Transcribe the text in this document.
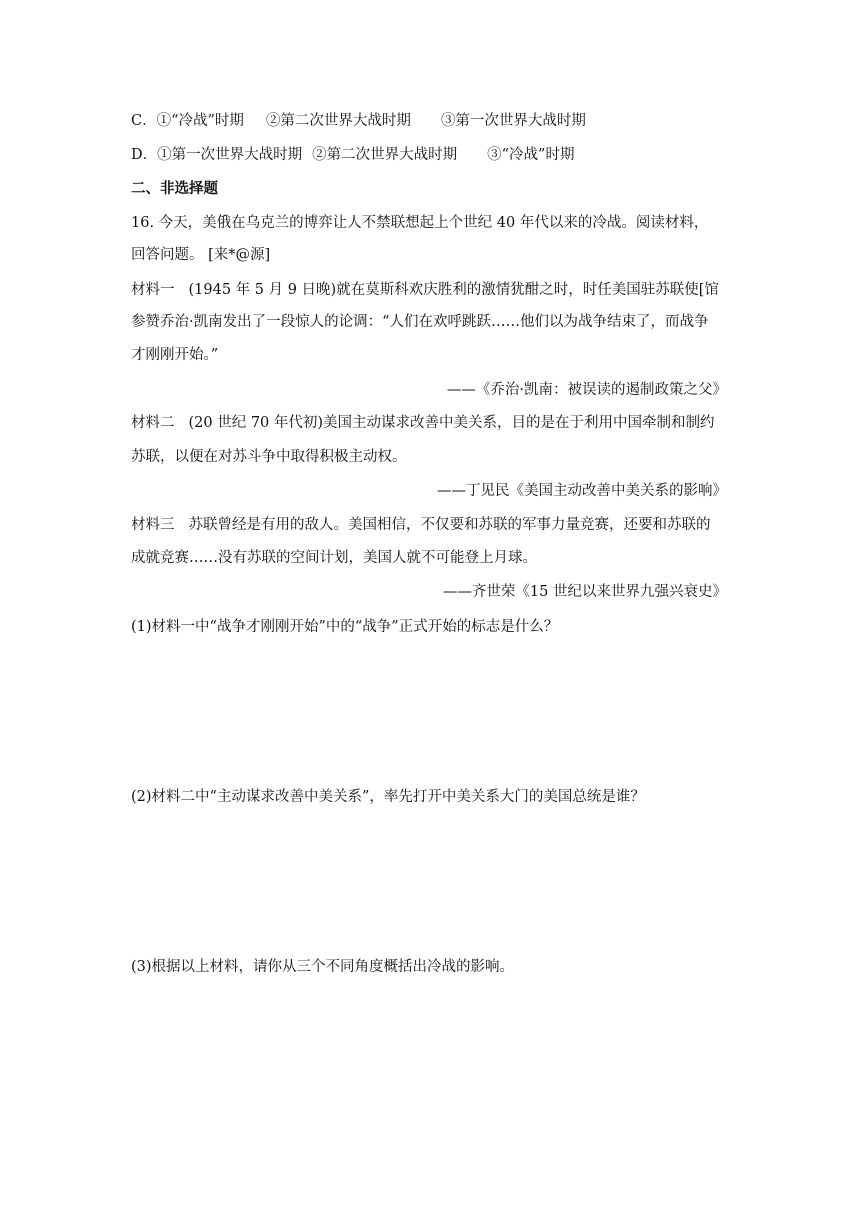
C．①“冷战”时期 ②第二次世界大战时期 ③第一次世界大战时期
D．①第一次世界大战时期 ②第二次世界大战时期 ③“冷战”时期
二、非选择题
16. 今天，美俄在乌克兰的博弈让人不禁联想起上个世纪 40 年代以来的冷战。阅读材料，
回答问题。 [来*@源]
材料一 (1945 年 5 月 9 日晚)就在莫斯科欢庆胜利的激情犹酣之时，时任美国驻苏联使[馆
参赞乔治·凯南发出了一段惊人的论调：“人们在欢呼跳跃……他们以为战争结束了，而战争
才刚刚开始。”
——《乔治·凯南：被误读的遏制政策之父》
材料二 (20 世纪 70 年代初)美国主动谋求改善中美关系，目的是在于利用中国牵制和制约
苏联，以便在对苏斗争中取得积极主动权。
——丁见民《美国主动改善中美关系的影响》
材料三 苏联曾经是有用的敌人。美国相信，不仅要和苏联的军事力量竞赛，还要和苏联的
成就竞赛……没有苏联的空间计划，美国人就不可能登上月球。
——齐世荣《15 世纪以来世界九强兴衰史》
(1)材料一中“战争才刚刚开始”中的“战争”正式开始的标志是什么？
(2)材料二中“主动谋求改善中美关系”，率先打开中美关系大门的美国总统是谁？
(3)根据以上材料，请你从三个不同角度概括出冷战的影响。
